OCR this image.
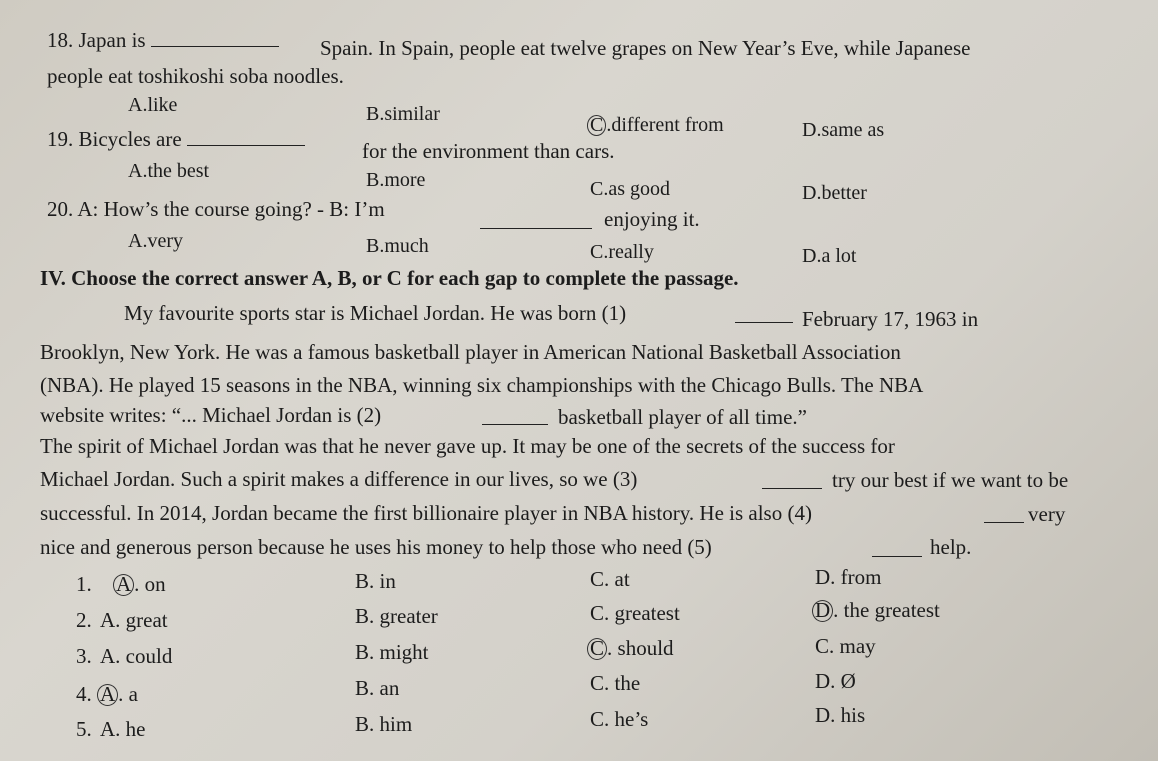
18. Japan is	Spain. In Spain, people eat twelve grapes on New Year’s Eve, while Japanese
people eat toshikoshi soba noodles.
A.like	B.similar	C .different from	D.same as
19. Bicycles are
for the environment than cars.
A.the best	B.more	C.as good	D.better
20. A: How’s the course going? - B: I’m	enjoying it.
A.very	B.much	C.really	D.a lot
IV. Choose the correct answer A, B, or C for each gap to complete the passage.
My favourite sports star is Michael Jordan. He was born (1)	February 17, 1963 in
Brooklyn, New York. He was a famous basketball player in American National Basketball Association
(NBA). He played 15 seasons in the NBA, winning six championships with the Chicago Bulls. The NBA
website writes: “... Michael Jordan is (2)	basketball player of all time.”
The spirit of Michael Jordan was that he never gave up. It may be one of the secrets of the success for
Michael Jordan. Such a spirit makes a difference in our lives, so we (3)	try our best if we want to be
successful. In 2014, Jordan became the first billionaire player in NBA history. He is also (4)	very
nice and generous person because he uses his money to help those who need (5)	help.
1. A . on	B. in	C. at	D. from
2. A. great	B. greater	C. greatest	D . the greatest
3. A. could	B. might	C . should	C. may
4. A . a	B. an	C. the	D. Ø
5. A. he	B. him	C. he’s	D. his
